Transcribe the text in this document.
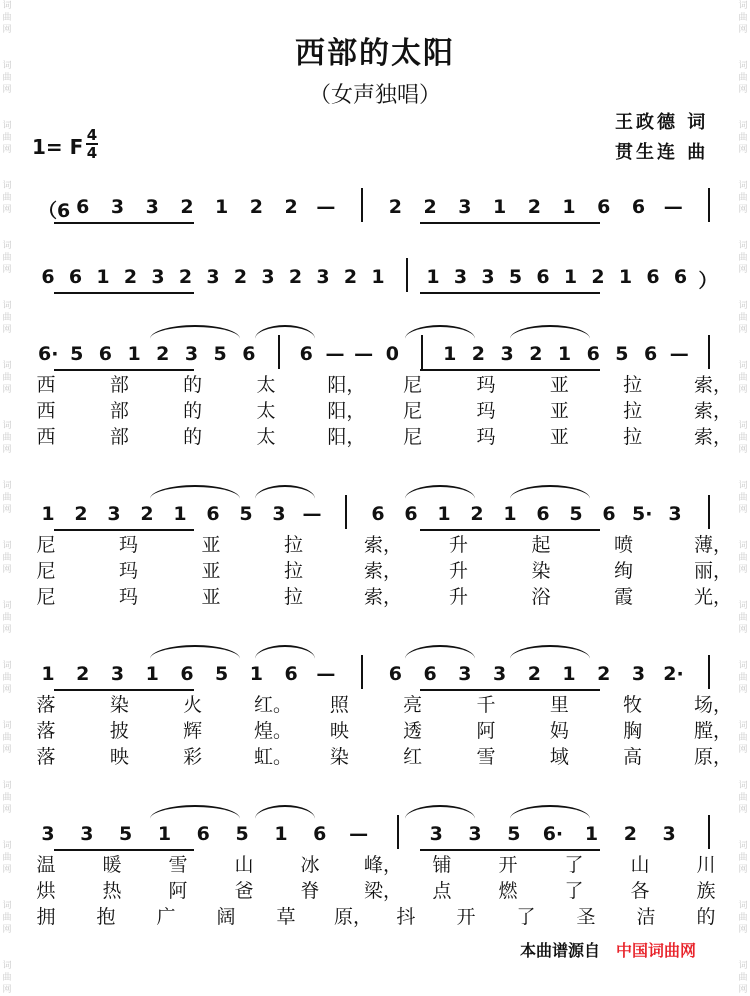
词曲网
词曲网
词曲网
词曲网
词曲网
词曲网
词曲网
词曲网
词曲网
词曲网
词曲网
词曲网
词曲网
词曲网
词曲网
词曲网
词曲网
词曲网
词曲网
词曲网
词曲网
词曲网
词曲网
词曲网
词曲网
词曲网
词曲网
词曲网
词曲网
词曲网
词曲网
词曲网
词曲网
词曲网
西部的太阳
（女声独唱）
1= F 4
4
王政德 词
贯生连 曲
（6 6 3 3 2 1 2 2 —	2 2 3 1 2 1 6 6 —
6 6 1 2 3 2 3 2 3 2 3 2 1 1 3 3 5 6 1 2 1 6 6 ）
6· 5 6 1 2 3 5 6 6 — — 0 1 2 3 2 1 6 5 6 —
西	部	的	太	阳， 尼	玛	亚	拉	索，
西	部	的	太	阳， 尼	玛	亚	拉	索，
西	部	的	太	阳， 尼	玛	亚	拉	索，
1 2 3 2 1 6 5 3 —	6 6 1 2 1 6 5 6 5· 3
尼	玛	亚	拉	索， 升	起	喷	薄，
尼	玛	亚	拉	索， 升	染	绚	丽，
尼	玛	亚	拉	索， 升	浴	霞	光，
1 2 3 1 6 5 1 6 —	6 6 3 3 2 1 2 3 2·
落	染	火	红。 照	亮	千	里	牧	场，
落	披	辉	煌。 映	透	阿	妈	胸	膛，
落	映	彩	虹。 染	红	雪	域	高	原，
3 3 5 1 6 5 1 6 —	3 3 5 6· 1 2 3
温 暖 雪 山 冰 峰， 铺 开 了 山 川
烘 热 阿 爸 脊 梁， 点 燃 了 各 族
拥 抱 广 阔 草 原， 抖 开 了 圣 洁 的
本曲谱源自 中国词曲网
